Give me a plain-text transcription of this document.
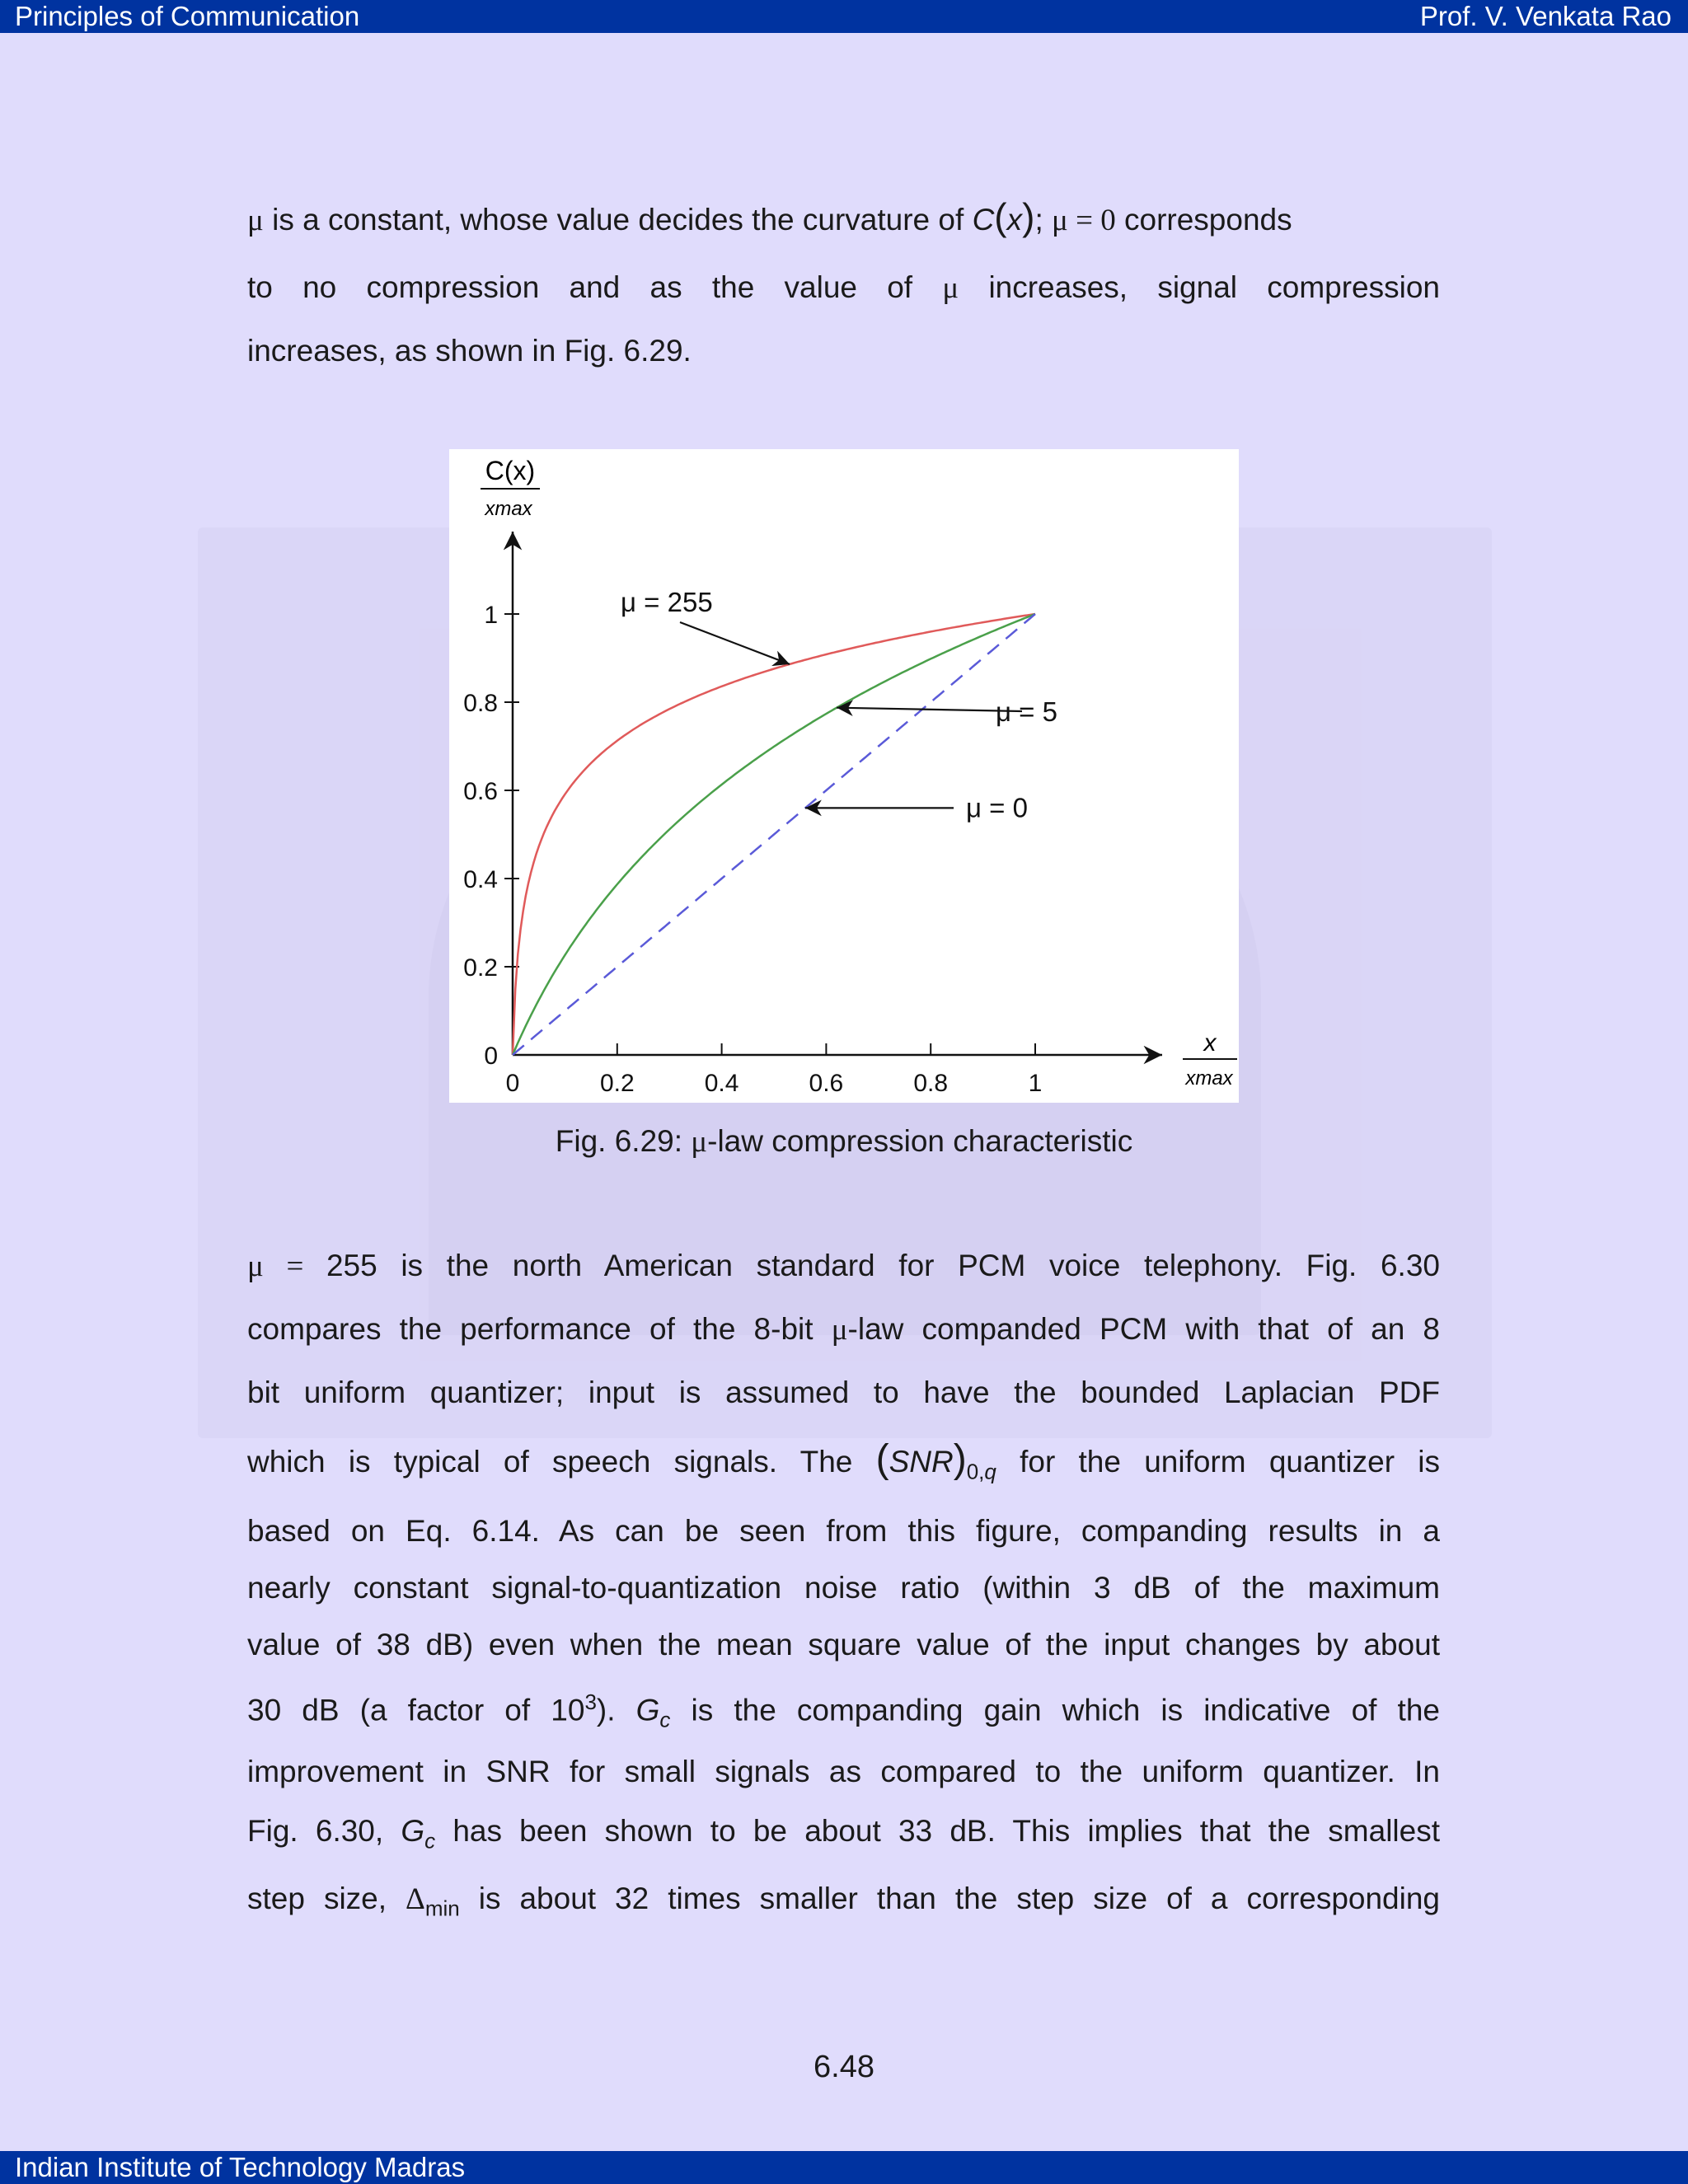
Principles of Communication	Prof. V. Venkata Rao
μ is a constant, whose value decides the curvature of C(x); μ = 0 corresponds
to no compression and as the value of μ increases, signal compression
increases, as shown in Fig. 6.29.
0	0.2	0.4	0.6	0.8	1
0
0.2
0.4
0.6
0.8
1	μ = 255
μ = 5
μ = 0
C(x)
xmax
x
xmax
Fig. 6.29: μ-law compression characteristic
μ = 255 is the north American standard for PCM voice telephony. Fig. 6.30
compares the performance of the 8-bit μ-law companded PCM with that of an 8
bit uniform quantizer; input is assumed to have the bounded Laplacian PDF
which is typical of speech signals. The $(SNR)_{0,q}$ for the uniform quantizer is
based on Eq. 6.14. As can be seen from this figure, companding results in a
nearly constant signal-to-quantization noise ratio (within 3 dB of the maximum
value of 38 dB) even when the mean square value of the input changes by about
30 dB (a factor of $10^3$). $G_c$ is the companding gain which is indicative of the
improvement in SNR for small signals as compared to the uniform quantizer. In
Fig. 6.30, $G_c$ has been shown to be about 33 dB. This implies that the smallest
step size, $\Delta_{min}$ is about 32 times smaller than the step size of a corresponding
6.48
Indian Institute of Technology Madras
